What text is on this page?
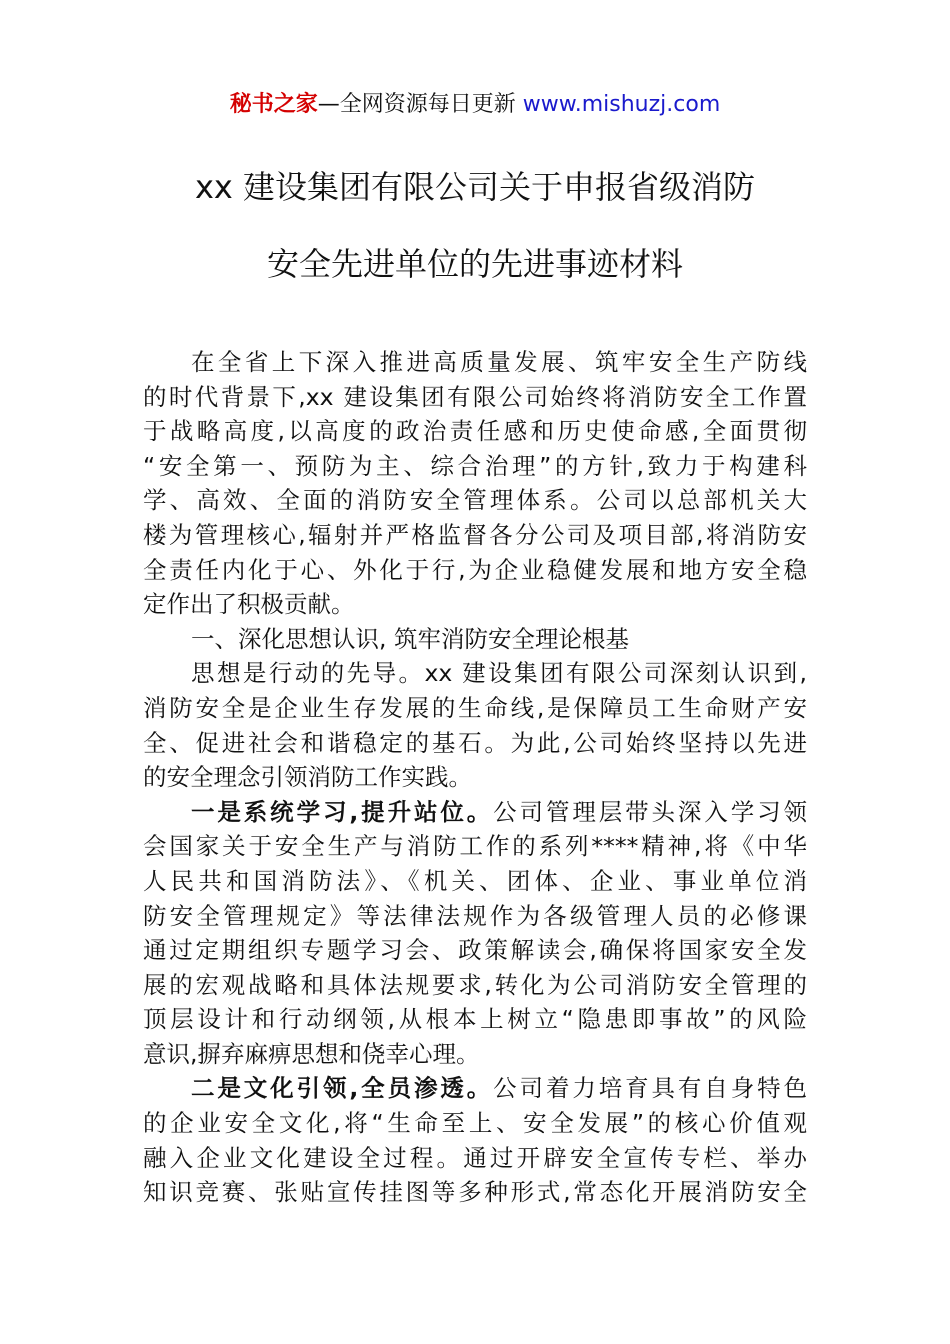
秘书之家—全网资源每日更新 www.mishuzj.com
xx 建设集团有限公司关于申报省级消防
安全先进单位的先进事迹材料
在全省上下深入推进高质量发展、筑牢安全生产防线
的时代背景下,xx 建设集团有限公司始终将消防安全工作置
于战略高度,以高度的政治责任感和历史使命感,全面贯彻
“安全第一、预防为主、综合治理”的方针,致力于构建科
学、高效、全面的消防安全管理体系。公司以总部机关大
楼为管理核心,辐射并严格监督各分公司及项目部,将消防安
全责任内化于心、外化于行,为企业稳健发展和地方安全稳
定作出了积极贡献。
一、深化思想认识, 筑牢消防安全理论根基
思想是行动的先导。xx 建设集团有限公司深刻认识到,
消防安全是企业生存发展的生命线,是保障员工生命财产安
全、促进社会和谐稳定的基石。为此,公司始终坚持以先进
的安全理念引领消防工作实践。
一是系统学习,提升站位。公司管理层带头深入学习领
会国家关于安全生产与消防工作的系列****精神,将《中华
人民共和国消防法》、《机关、团体、企业、事业单位消
防安全管理规定》等法律法规作为各级管理人员的必修课
通过定期组织专题学习会、政策解读会,确保将国家安全发
展的宏观战略和具体法规要求,转化为公司消防安全管理的
顶层设计和行动纲领,从根本上树立“隐患即事故”的风险
意识,摒弃麻痹思想和侥幸心理。
二是文化引领,全员渗透。公司着力培育具有自身特色
的企业安全文化,将“生命至上、安全发展”的核心价值观
融入企业文化建设全过程。通过开辟安全宣传专栏、举办
知识竞赛、张贴宣传挂图等多种形式,常态化开展消防安全
